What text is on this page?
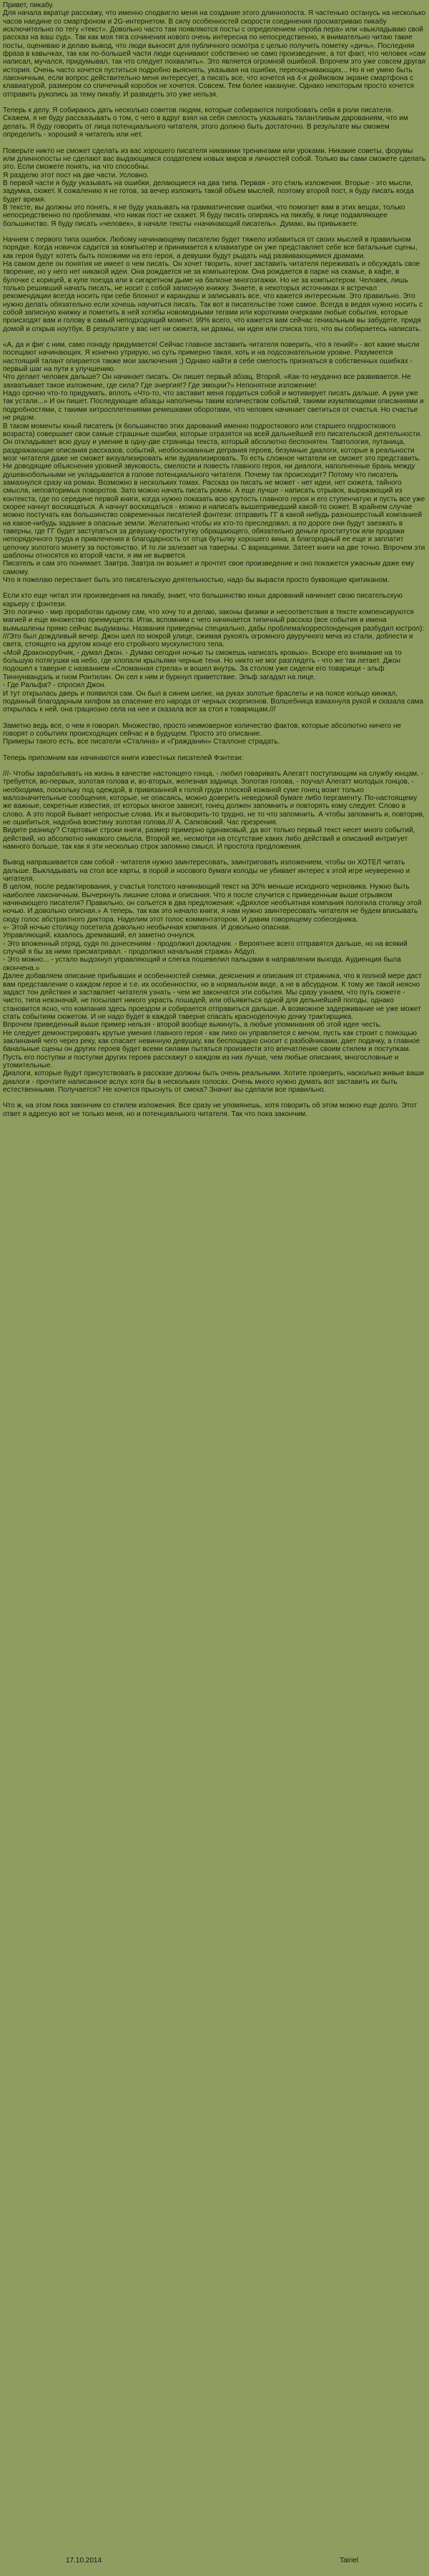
Привет, пикабу.
Для начала вкратце расскажу, что именно сподвигло меня на создание этого длиннопоста. Я частенько останусь на несколько часов наедине со смартфоном и 2G-интернетом. В силу особенностей скорости соединения просматриваю пикабу исключительно по тегу «текст». Довольно часто там появляются посты с определением «проба пера» или «выкладываю свой рассказ на ваш суд». Так как моя тяга сочинения нового очень интересна по непосредственно, я внимательно читаю такие посты, оцениваю и делаю вывод, что люди выносят для публичного осмотра с целью получить пометку «дичь». Последняя фраза в кавычках, так как по-большей части люди оценивают собственно не само произведение, а тот факт, что человек «сам написал, мучался, придумывал, так что следует похвалить». Это является огромной ошибкой. Впрочем это уже совсем другая история. Очень часто хочется пуститься подробно выяснять, указывая на ошибки, переоценивающих... Но я не умею быть лаконичным, если вопрос действительно меня интересует, а писать все, что хочется на 4-х дюймовом экране смартфона с клавиатурой, размером со спичечный коробок не хочется. Совсем. Тем более накануне. Однако некоторым просто хочется отправить рукопись за тему пикабу. И развидеть это уже нельзя.

Теперь к делу. Я собираюсь дать несколько советов людям, которые собираются попробовать себя в роли писателя.
Скажем, я не буду рассказывать о том, с чего в вдруг взял на себя смелость указывать талантливым дарованиям, что им делать. Я буду говорить от лица потенциального читателя, этого должно быть достаточно. В результате мы сможем определить - хороший я читатель или нет.

Поверьте никто не сможет сделать из вас хорошего писателя никакими тренингами или уроками. Никакие советы, форумы или длиннопосты не сделают вас выдающимся создателем новых миров и личностей собой. Только вы сами сможете сделать это. Если сможете понять, на что способны.
Я разделю этот пост на две части. Условно.
В первой части я буду указывать на ошибки, делающиеся на два типа. Первая - это стиль изложения. Вторые - это мысли, задумка, сюжет. К сожалению я не готов, за вечер изложить такой объем мыслей, поэтому второй пост, я буду писать когда будет время.
В тексте, вы должны это понять, я не буду указывать на грамматические ошибки, что помогает вам в этих вещах, только непосредственно по проблемам, что никак пост не скажет. Я буду писать опираясь на пикабу, в лице подавляющее большинство. Я буду писать «человек», в начале тексты «начинающий писатель». Думаю, вы привыкаете.

Начнем с первого типа ошибок. Любому начинающему писателю будет тяжело избавиться от своих мыслей в правильном порядке. Когда новичок садится за компьютер и принимается к клавиатуре он уже представляет себе все батальные сцены, как героя будут хотеть быть похожими на его героя, а девушки будут рыдать над развивающимися драмами.
На самом деле он понятия не имеет о чем писать. Он хочет творить, хочет заставить читателя переживать и обсуждать свое творение, но у него нет никакой идеи. Она рождается не за компьютером. Она рождается в парке на скамье, в кафе, в булочке с корицей, в купе поезда или в сигаретном дыме на балконе многоэтажки. Но не за компьютером. Человек, лишь только решивший начать писать, не носит с собой записную книжку. Знаете, в некоторых источниках я встречал рекомендации всегда носить при себе блокнот и карандаш и записывать все, что кажется интересным. Это правильно. Это нужно делать обязательно если хочешь научиться писать. Так вот в писательстве тоже самое. Всегда в ведая нужно носить с собой записную книжку и пометить в ней хотябы новомодными тегами или короткими очерками любые события, которые происходят вам и голову в самый неподходящий момент. 99% всего, что кажется вам сейчас гениальным вы забудете, придя домой и открыв ноутбук. В результате у вас нет ни сюжета, ни драмы, ни идеи или списка того, что вы собираетесь написать.

«А, да и фиг с ним, само понаду придумается! Сейчас главное заставить читателя поверить, что я гений!» - вот какие мысли посещают начинающих. Я конечно утрирую, но суть примерно такая, хоть и на подсознательном уровне. Разумеется настоящий талант опирается также мои заключения ;) Однако найти в себе смелость признаться в собственных ошибках - первый шаг на пути к улучшению.
Что делает человек дальше? Он начинает писать. Он пишет первый абзац. Второй. «Как-то неудачно все развивается. Не захватывает такое изложение, где сила? Где энергия!? Где эмоции?» Непонятное изложение!
Надо срочно что-то придумать, вплоть «Что-то, что заставит меня гордиться собой и мотивирует писать дальше. А руки уже так устали...» И он пишет. Последующие абзацы наполнены таким количеством событий, такими изумляющими описаниями и подробностями, с такими хитросплетениями ремешками оборотами, что человек начинает светиться от счастья. Но счастье не рядом.
В таком моменты юный писатель (я большинство этих дарований именно подросткового или старшего подросткового возраста) совершает свои самые страшные ошибки, которые отразятся на всей дальнейшей его писательской деятельности. Он откладывает всю душу и умение в одну-две страницы текста, который абсолютно беспонятен. Тавтология, путаница, раздражающие описания рассказов, событий, необоснованные деграния героев, безумные диалоги, которые в реальности мозг читателя даже не сможет визуализировать или аудиализировать. То есть сложное читатели не сможет это представить. Ни доводящие объяснения уровней звуковость, смелости и повесть главного героя, ни диалоги, наполненные брань между душевнобольными не укладывается в голове потенциального читателя. Почему так происходит? Потому что писатель замахнулся сразу на роман. Возможно в нескольких томах. Рассказ он писать не может - нет идеи, нет сюжета, тайного смысла, неповторимых поворотов. Зато можно начать писать роман. А еще лучше - написать отрывок, выражающий из контекста, где по середине первой книги, когда нужно показать всю крутость главного героя и его ступенчатую и пусть все уже скорее начнут восхищаться. А начнут восхищаться - можно и написать вышеприведший какой-то сюжет. В крайнем случае можно постучать как большинство современных писателей фэнтези: отправить ГГ в какой нибудь разношерстный компанией на какое-нибудь задание в опасные земли. Желательно чтобы их кто-то преследовал, а по дороге они будут заезжать в таверны, где ГГ будет заступаться за девушку-проститутку обращающего, обязательно деньги проституток или продажи непорядочного труда и привлечения в благодарность от отца бутылку хорошего вина, а благородный ее еще и заплатит цепочку золотого монету за постоянство. И то ли залезает на таверны. С вариациями. Затеет книги на две точно. Впрочем эти шаблоны относятся ко второй части, я им не вырвется.
Писатель и сам это понимает. Завтра. Завтра он возьмет и прочтет свое произведение и оно покажется ужасным даже ему самому.
Что я пожелаю перестанет быть это писательскую деятельностью, надо бы вырасти просто буквоящие критиканом.

Если кто еще читал эти произведения на пикабу, знает, что большинство юных дарований начинает свою писательскую карьеру с фэнтези.
Это логично - мир проработан одному сам, что хочу то и делаю, законы физики и несоответствия в тексте компенсируются магией и еще множество преимуществ. Итак, вспомним с чего начинается типичный рассказ (все события и имена вымышлены прямо сейчас выдуманы. Названия приведены специально, дабы проблема/корреспонденция разбудил юстрол):
///Это был дождливый вечер. Джон шел по мокрой улице, сжимая рукоять огромного двуручного меча из стали, доблести и света, стоящего на другом конце его стройного мускулистого тела.
«Мой Драконорубчик, - думал Джон. - Думаю сегодня ночью ты сможешь написать кровью». Вскоре его внимание на то большую потягушки на небо, где хлопали крыльями черные тени. Но никто не мог разглядеть - что же так летает. Джон подошел к таверне с названием «Сломанная стрела» и вошел внутрь. За столом уже сидели его товарищи - эльф Тиннунвандэль и гном Ронтилин. Он сел к ним и буркнул приветствие. Эльф загадал на лице.
- Где Ральфа? - спросил Джон.
И тут открылась дверь и появился сам. Он был в синем шелке, на руках золотые браслеты и на поясе кольцо кинжал, поданный благодарным хилфом за спасение его народа от черных скорпионов. Волшебница взмахнула рукой и сказала сама открылась к ней, она грациозно села на нее и сказала все за стол к товарищам.///

Заметно ведь все, о чем я говорил. Множество, просто неимоверное количество фактов, которые абсолютно ничего не говорят о событиях происходящих сейчас и в будущем. Просто это описание.
Примеры такого есть, все писатели «Сталина» и «Гражданин» Сталлоне страдать.

Теперь припомним как начинаются книги известных писателей Фэнтези:

///- Чтобы зарабатывать на жизнь в качестве настоящего гонца, - любил говаривать Алегатт поступающим на службу юнцам, - требуется, во-первых, золотая голова и, во-вторых, железная задница. Золотая голова, - поучал Алегатт молодых гонцов, - необходима, поскольку под одеждой, в привязанной к голой груди плоской кожаной суме гонец возит только малозначительные сообщения, которые, не опасаясь, можно доверить неведомой бумаге либо пергаменту. По-настоящему же важные, секретные известия, от которых многое зависит, гонец должен запомнить и повторять кому следует. Слово в слово. А это порой бывает непростые слова. Их и выговорить-то трудно, не то что запомнить. А чтобы запомнить и, повторив, не ошибиться, надобна воистину золотая голова./// А. Сапковский. Час презрения.
Видите разницу? Стартовые строки книги, размер примерно одинаковый, да вот только первый текст несет много событий, действий, но абсолютно никакого смысла. Второй же, несмотря на отсутствие каких либо действий и описаний интригует намного больше, так как я эти несколько строк запомню смысл. И простота предложения.

Вывод напрашивается сам собой - читателя нужно заинтересовать, заинтриговать изложением, чтобы он ХОТЕЛ читать дальше. Выкладывать на стол все карты, в порой и носового бумаги колоды не убивает интерес к этой игре неуверенно и читателя.
В целом, после редактирования, у счастья толстого начинающий текст на 30% меньше исходного черновика. Нужно быть наиболее лаконичным. Вычеркнуть лишние слова и описания. Что я после случится с приведенным выше отрывком начинающего писателя? Правильно, он сольется в два предложения: «Дряхлое необъятная компания пологила столицу этой ночью. И довольно описная.» А теперь, так как это начало книги, я нам нужно заинтересовать читателя не будем вписывать сюду голос абстрактного диктора. Наделим этот голос комментатором. И давим говорящему собеседника.
«- Этой ночью столицу посетила довольно необычная компания. И довольно опасная.
Управляющий, казалось дремавший, ел заметно очнулся.
- Это впоженный отряд, судя по донесениям - продолжил докладчик. - Вероятнее всего отправятся дальше, но на всякий случай я бы за ними присматривал. - продолжил начальная стража» Абдул.
- Это можно... - устало выдохнул управляющий и слегка пошевелил пальцами в направлении выхода. Аудиенция была окончена.»
Далее добавляем описание прибывших и особенностей схемки, деяснения и описания от стражника, что в полной мере даст вам представление о каждом герое и т.е. их особенностях, но в нормальном виде, а не в абсурдном. К тому же такой неясно задаст тон действия и заставляет читателя узнать - чем же закончатся эти события. Мы сразу узнаем, что путь сюжете - чисто, типа невзначай, не посылает никого украсть лошадей, или объявиться одной для дельнейшей погоды, однако становится ясно, что компания здесь проездом и собирается отправиться дальше. А возможное задерживание не уже может стать событиям сюжетом. И не надо будет в каждой таверне спасать красноделочую дочку трактирщика.
Впрочем приведенный выше пример нельзя - второй вообще выкинуть, а любые упоминания об этой идее честь.
Не следует демонстрировать крутые умения главного героя - как лихо он управляется с мечом, пусть как строит с помощью заклинаний чего через реку, как спасает невинную девушку, как беспощадно сносит с разбойниками, дает подачку, а главное банальные сцены он других героев будет всеми силами пытаться произвести это впечатление своим стилем и поступкам. Пусть его поступки и поступки других героев расскажут о каждом из них лучше, чем любые описания, многословные и утомительные.
Диалоги, которые будут присутствовать в рассказе должны быть очень реальными. Хотите проверить, насколько живые ваши диалоги - прочтите написанное вслух хотя бы в нескольких голосах. Очень много нужно думать вот заставить их быть естественными. Получается? Не хочется прыснуть от смеха? Значит вы сделали все правильно.

Что ж, на этом пока закончим со стилем изложения. Все сразу не упомянешь, хотя говорить об этом можно еще долго. Этот ответ я адресую вот не только меня, но и потенциального читателя. Так что пока закончим.

17.10.2014	Tairiel
